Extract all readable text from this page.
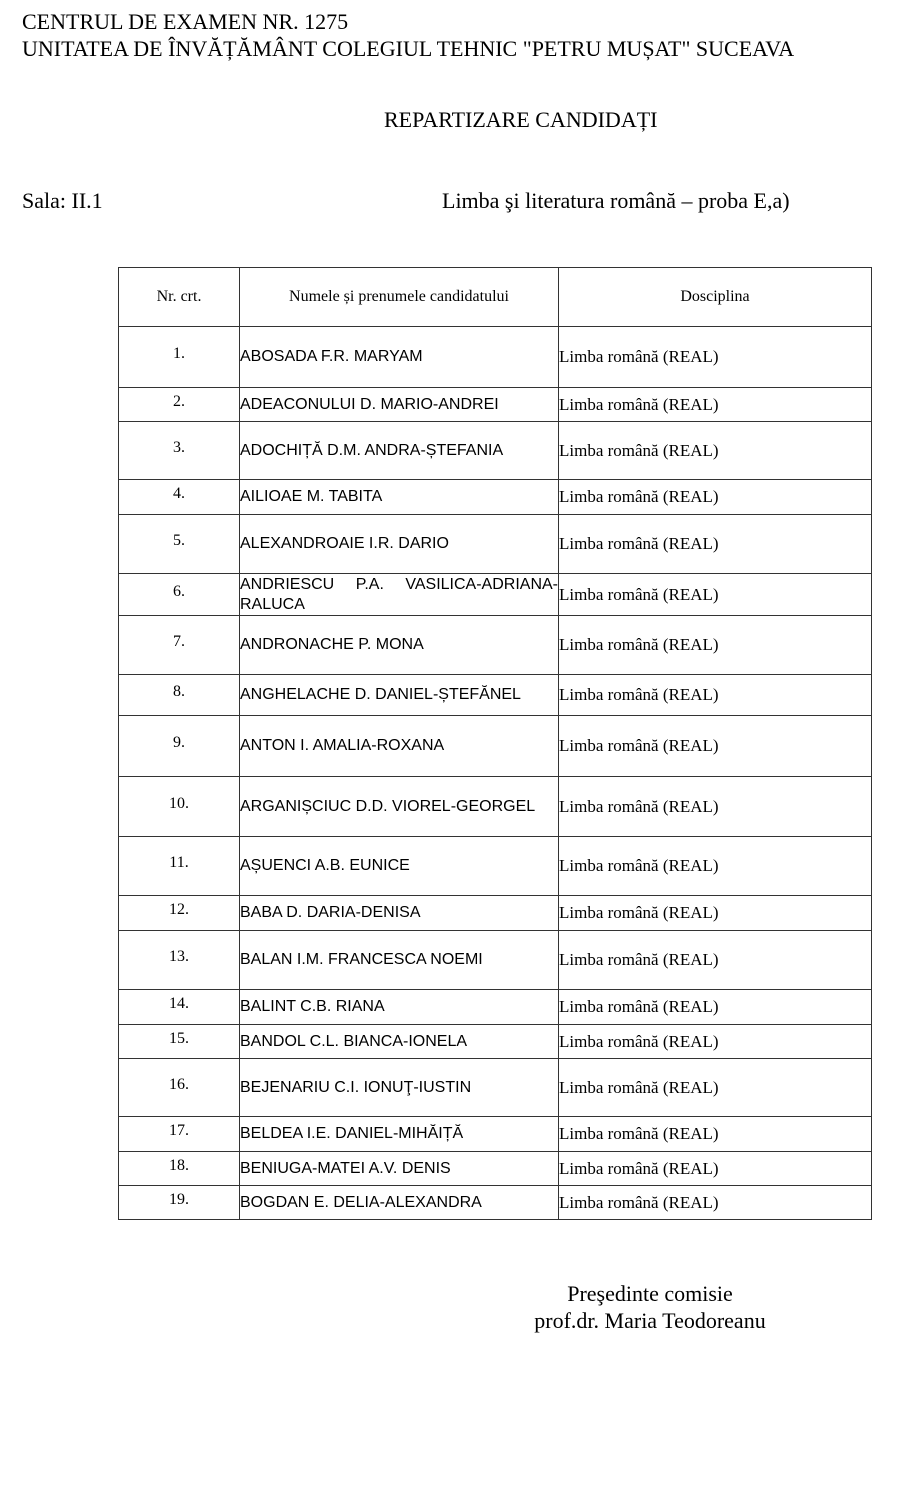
CENTRUL DE EXAMEN NR. 1275
UNITATEA DE ÎNVĂȚĂMÂNT COLEGIUL TEHNIC "PETRU MUȘAT" SUCEAVA
REPARTIZARE CANDIDAȚI
Sala: II.1	Limba şi literatura română – proba E,a)
Nr. crt.	Numele și prenumele candidatului	Dosciplina
1.	ABOSADA F.R. MARYAM	Limba română (REAL)
2.	ADEACONULUI D. MARIO-ANDREI	Limba română (REAL)
3.	ADOCHIȚĂ D.M. ANDRA-ȘTEFANIA	Limba română (REAL)
4.	AILIOAE M. TABITA	Limba română (REAL)
5.	ALEXANDROAIE I.R. DARIO	Limba română (REAL)
6.	ANDRIESCU P.A. VASILICA-ADRIANA-RALUCA	Limba română (REAL)
7.	ANDRONACHE P. MONA	Limba română (REAL)
8.	ANGHELACHE D. DANIEL-ȘTEFĂNEL	Limba română (REAL)
9.	ANTON I. AMALIA-ROXANA	Limba română (REAL)
10.	ARGANIȘCIUC D.D. VIOREL-GEORGEL	Limba română (REAL)
11.	AȘUENCI A.B. EUNICE	Limba română (REAL)
12.	BABA D. DARIA-DENISA	Limba română (REAL)
13.	BALAN I.M. FRANCESCA NOEMI	Limba română (REAL)
14.	BALINT C.B. RIANA	Limba română (REAL)
15.	BANDOL C.L. BIANCA-IONELA	Limba română (REAL)
16.	BEJENARIU C.I. IONUŢ-IUSTIN	Limba română (REAL)
17.	BELDEA I.E. DANIEL-MIHĂIȚĂ	Limba română (REAL)
18.	BENIUGA-MATEI A.V. DENIS	Limba română (REAL)
19.	BOGDAN E. DELIA-ALEXANDRA	Limba română (REAL)
Preşedinte comisie
prof.dr. Maria Teodoreanu
